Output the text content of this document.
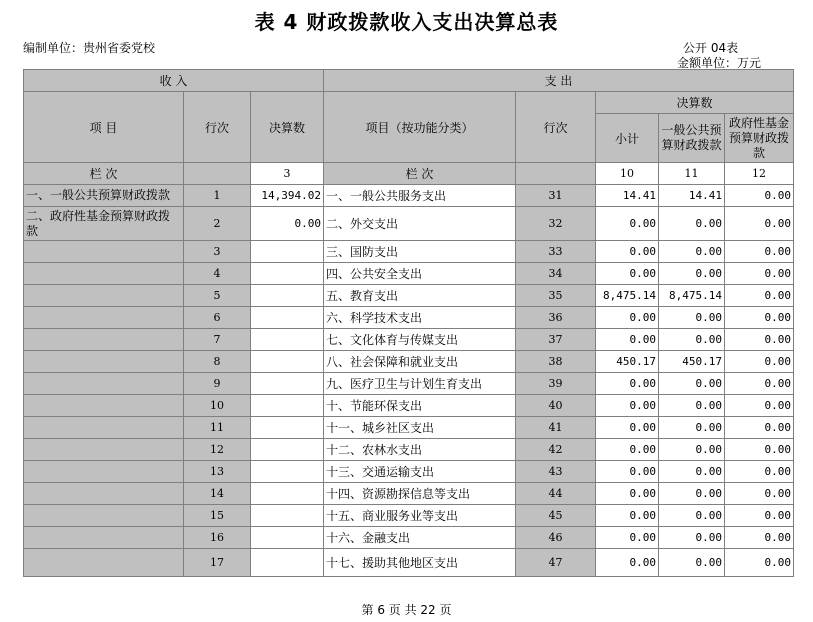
表 4 财政拨款收入支出决算总表
编制单位：贵州省委党校	公开 04表
金额单位：万元
收 入			支 出				
项 目	行次	决算数	项目（按功能分类）	行次	决算数		
					小计	一般公共预算财政拨款	政府性基金预算财政拨款
栏 次		3	栏 次		10	11	12
一、一般公共预算财政拨款	1	14,394.02	一、一般公共服务支出	31	14.41	14.41	0.00
二、政府性基金预算财政拨款	2	0.00	二、外交支出	32	0.00	0.00	0.00
	3		三、国防支出	33	0.00	0.00	0.00
	4		四、公共安全支出	34	0.00	0.00	0.00
	5		五、教育支出	35	8,475.14	8,475.14	0.00
	6		六、科学技术支出	36	0.00	0.00	0.00
	7		七、文化体育与传媒支出	37	0.00	0.00	0.00
	8		八、社会保障和就业支出	38	450.17	450.17	0.00
	9		九、医疗卫生与计划生育支出	39	0.00	0.00	0.00
	10		十、节能环保支出	40	0.00	0.00	0.00
	11		十一、城乡社区支出	41	0.00	0.00	0.00
	12		十二、农林水支出	42	0.00	0.00	0.00
	13		十三、交通运输支出	43	0.00	0.00	0.00
	14		十四、资源勘探信息等支出	44	0.00	0.00	0.00
	15		十五、商业服务业等支出	45	0.00	0.00	0.00
	16		十六、金融支出	46	0.00	0.00	0.00
	17		十七、援助其他地区支出	47	0.00	0.00	0.00
第 6 页 共 22 页
